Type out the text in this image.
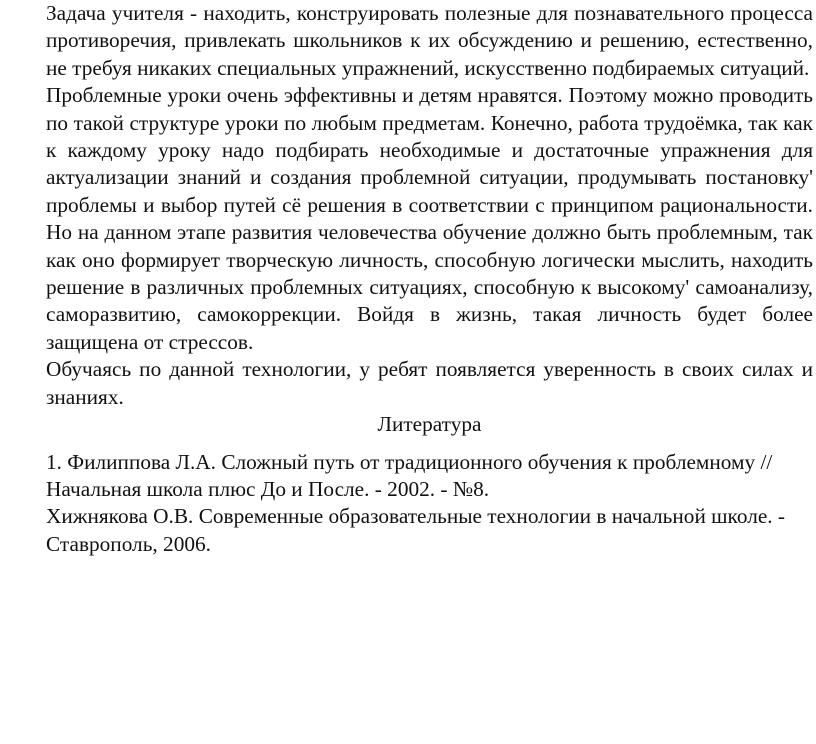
Задача учителя - находить, конструировать полезные для познавательного процесса противоречия, привлекать школьников к их обсуждению и решению, естественно, не требуя никаких специальных упражнений, искусственно подбираемых ситуаций.

Проблемные уроки очень эффективны и детям нравятся. Поэтому можно проводить по такой структуре уроки по любым предметам. Конечно, работа трудоёмка, так как к каждому уроку надо подбирать необходимые и достаточные упражнения для актуализации знаний и создания проблемной ситуации, продумывать постановку' проблемы и выбор путей сё решения в соответствии с принципом рациональности. Но на данном этапе развития человечества обучение должно быть проблемным, так как оно формирует творческую личность, способную логически мыслить, находить решение в различных проблемных ситуациях, способную к высокому' самоанализу, саморазвитию, самокоррекции. Войдя в жизнь, такая личность будет более защищена от стрессов.

Обучаясь по данной технологии, у ребят появляется уверенность в своих силах и знаниях.

Литература

1. Филиппова Л.А. Сложный путь от традиционного обучения к проблемному // Начальная школа плюс До и После. - 2002. - №8.

Хижнякова О.В. Современные образовательные технологии в начальной школе. - Ставрополь, 2006.
